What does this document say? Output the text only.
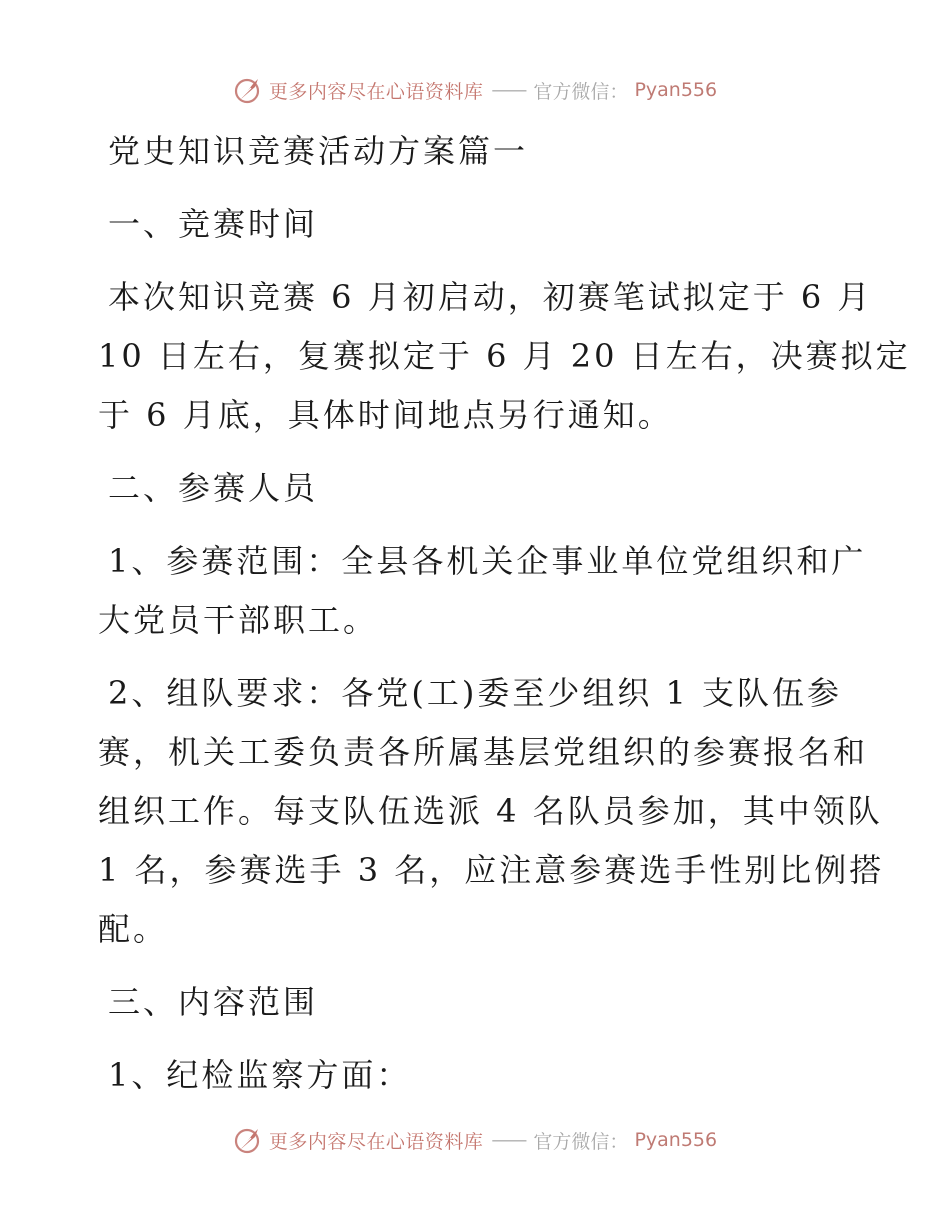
更多内容尽在心语资料库 —— 官方微信： Pyan556

党史知识竞赛活动方案篇一

一、竞赛时间

本次知识竞赛 6 月初启动，初赛笔试拟定于 6 月

10 日左右，复赛拟定于 6 月 20 日左右，决赛拟定

于 6 月底，具体时间地点另行通知。

二、参赛人员

1、参赛范围：全县各机关企事业单位党组织和广

大党员干部职工。

2、组队要求：各党(工)委至少组织 1 支队伍参

赛，机关工委负责各所属基层党组织的参赛报名和

组织工作。每支队伍选派 4 名队员参加，其中领队

1 名，参赛选手 3 名，应注意参赛选手性别比例搭

配。

三、内容范围

1、纪检监察方面：

更多内容尽在心语资料库 —— 官方微信： Pyan556
